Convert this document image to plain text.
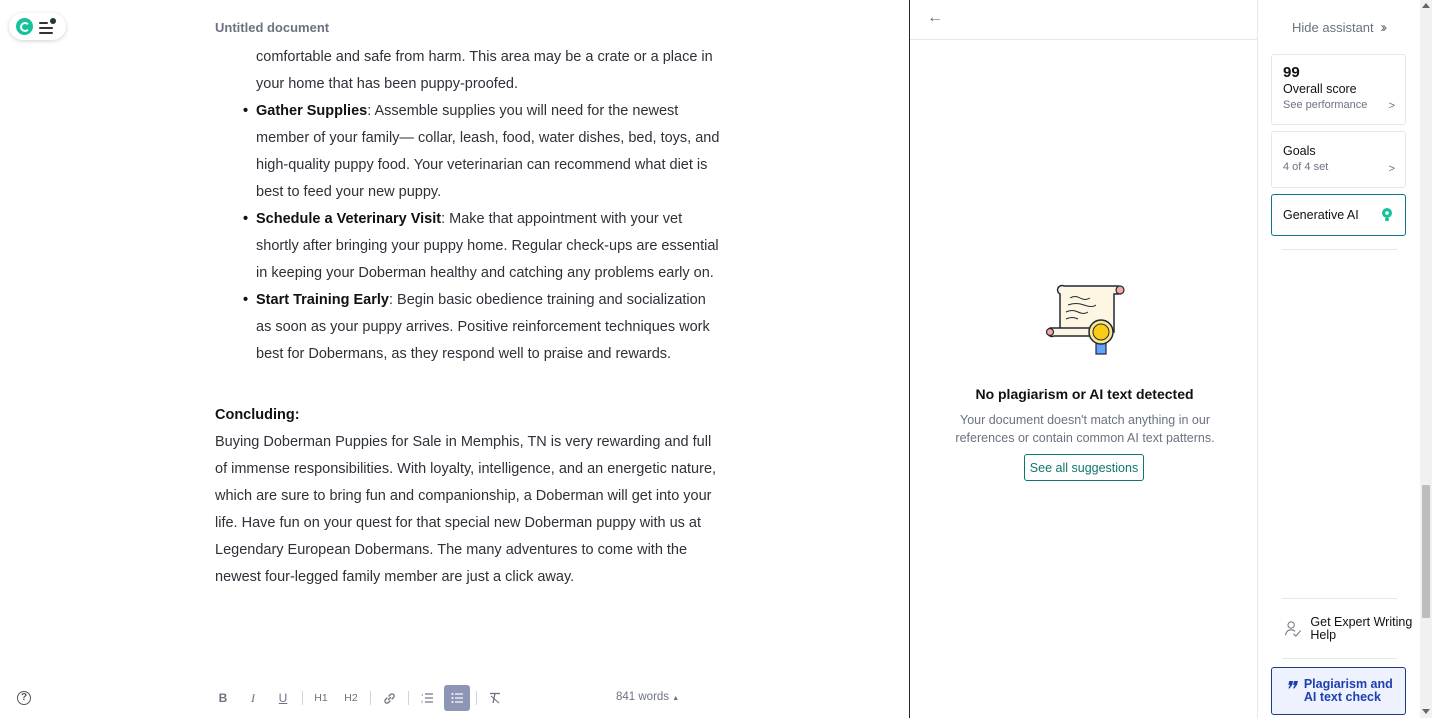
Untitled document
comfortable and safe from harm. This area may be a crate or a place in your home that has been puppy-proofed.
• Gather Supplies: Assemble supplies you will need for the newest member of your family— collar, leash, food, water dishes, bed, toys, and high-quality puppy food. Your veterinarian can recommend what diet is best to feed your new puppy.
• Schedule a Veterinary Visit: Make that appointment with your vet shortly after bringing your puppy home. Regular check-ups are essential in keeping your Doberman healthy and catching any problems early on.
• Start Training Early: Begin basic obedience training and socialization as soon as your puppy arrives. Positive reinforcement techniques work best for Dobermans, as they respond well to praise and rewards.
Concluding:
Buying Doberman Puppies for Sale in Memphis, TN is very rewarding and full of immense responsibilities. With loyalty, intelligence, and an energetic nature, which are sure to bring fun and companionship, a Doberman will get into your life. Have fun on your quest for that special new Doberman puppy with us at Legendary European Dobermans. The many adventures to come with the newest four-legged family member are just a click away.
?	B	I	U	H1	H2	1
2	841 words ▲
←
No plagiarism or AI text detected
Your document doesn't match anything in our references or contain common AI text patterns.
See all suggestions
Hide assistant ››
99
Overall score
See performance	>
Goals
4 of 4 set	>
Generative AI
Get Expert Writing Help
❞ Plagiarism and AI text check
